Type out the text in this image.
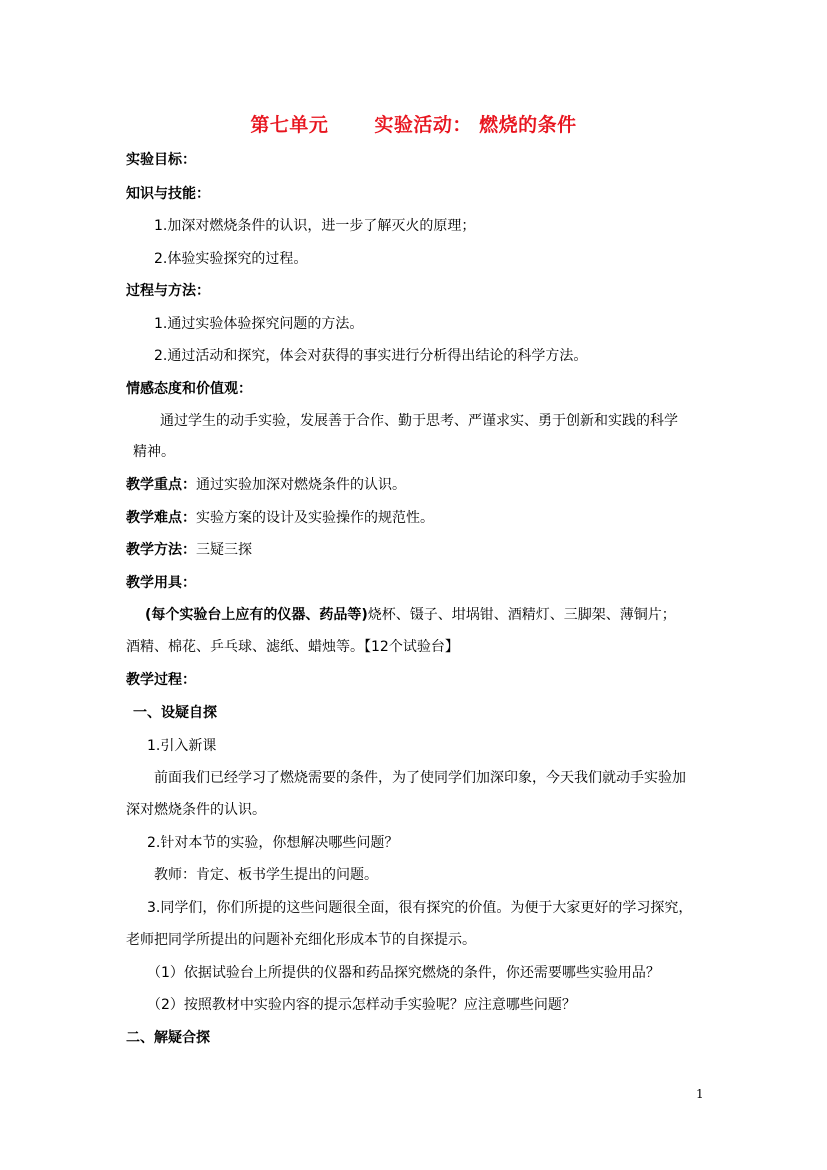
第七单元 实验活动： 燃烧的条件
实验目标：
知识与技能：
1.加深对燃烧条件的认识，进一步了解灭火的原理；
2.体验实验探究的过程。
过程与方法：
1.通过实验体验探究问题的方法。
2.通过活动和探究，体会对获得的事实进行分析得出结论的科学方法。
情感态度和价值观：
通过学生的动手实验，发展善于合作、勤于思考、严谨求实、勇于创新和实践的科学
精神。
教学重点：通过实验加深对燃烧条件的认识。
教学难点：实验方案的设计及实验操作的规范性。
教学方法：三疑三探
教学用具：
(每个实验台上应有的仪器、药品等)烧杯、镊子、坩埚钳、酒精灯、三脚架、薄铜片；
酒精、棉花、乒乓球、滤纸、蜡烛等。【12个试验台】
教学过程：
一、设疑自探
1.引入新课
前面我们已经学习了燃烧需要的条件，为了使同学们加深印象，今天我们就动手实验加
深对燃烧条件的认识。
2.针对本节的实验，你想解决哪些问题？
教师：肯定、板书学生提出的问题。
3.同学们，你们所提的这些问题很全面，很有探究的价值。为便于大家更好的学习探究，
老师把同学所提出的问题补充细化形成本节的自探提示。
（1）依据试验台上所提供的仪器和药品探究燃烧的条件，你还需要哪些实验用品？
（2）按照教材中实验内容的提示怎样动手实验呢？应注意哪些问题？
二、解疑合探
1
